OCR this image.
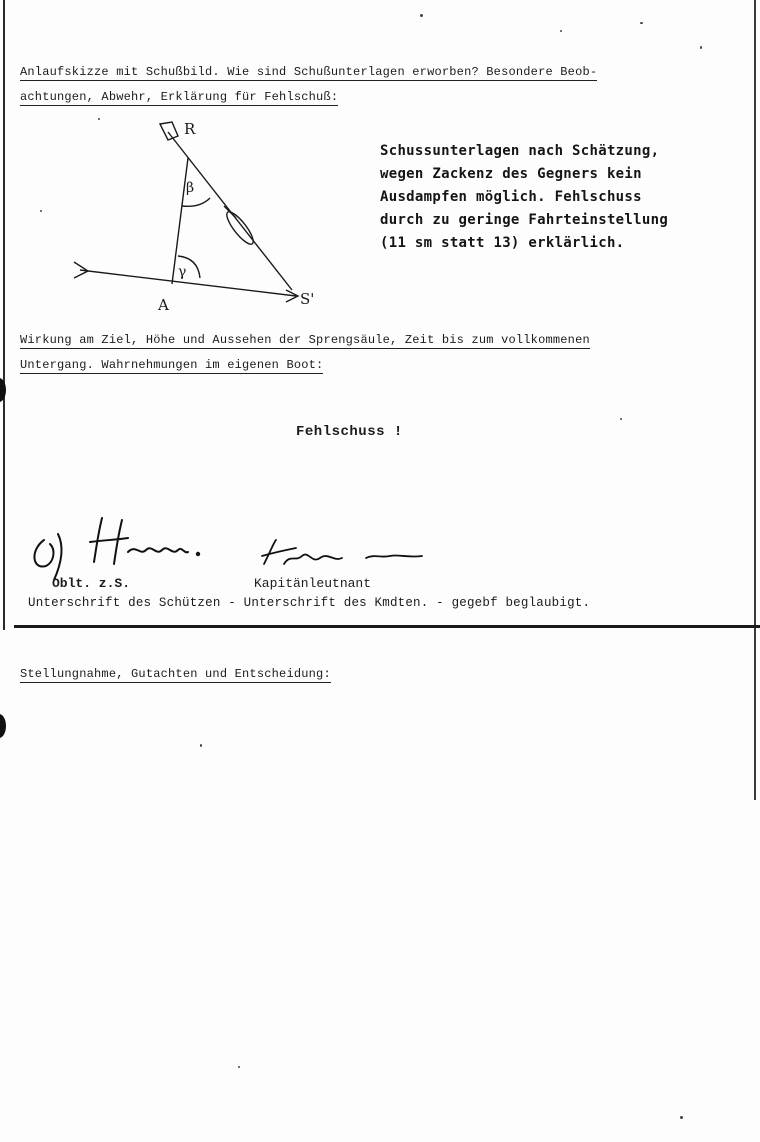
Anlaufskizze mit Schußbild. Wie sind Schußunterlagen erworben? Besondere Beob-
achtungen, Abwehr, Erklärung für Fehlschuß:
R
A	S'
β
γ
Schussunterlagen nach Schätzung,
wegen Zackenz des Gegners kein
Ausdampfen möglich. Fehlschuss
durch zu geringe Fahrteinstellung
(11 sm statt 13) erklärlich.
Wirkung am Ziel, Höhe und Aussehen der Sprengsäule, Zeit bis zum vollkommenen
Untergang. Wahrnehmungen im eigenen Boot:
Fehlschuss !
Oblt. z.S.	Kapitänleutnant
Unterschrift des Schützen - Unterschrift des Kmdten. - gegebf beglaubigt.
Stellungnahme, Gutachten und Entscheidung:
